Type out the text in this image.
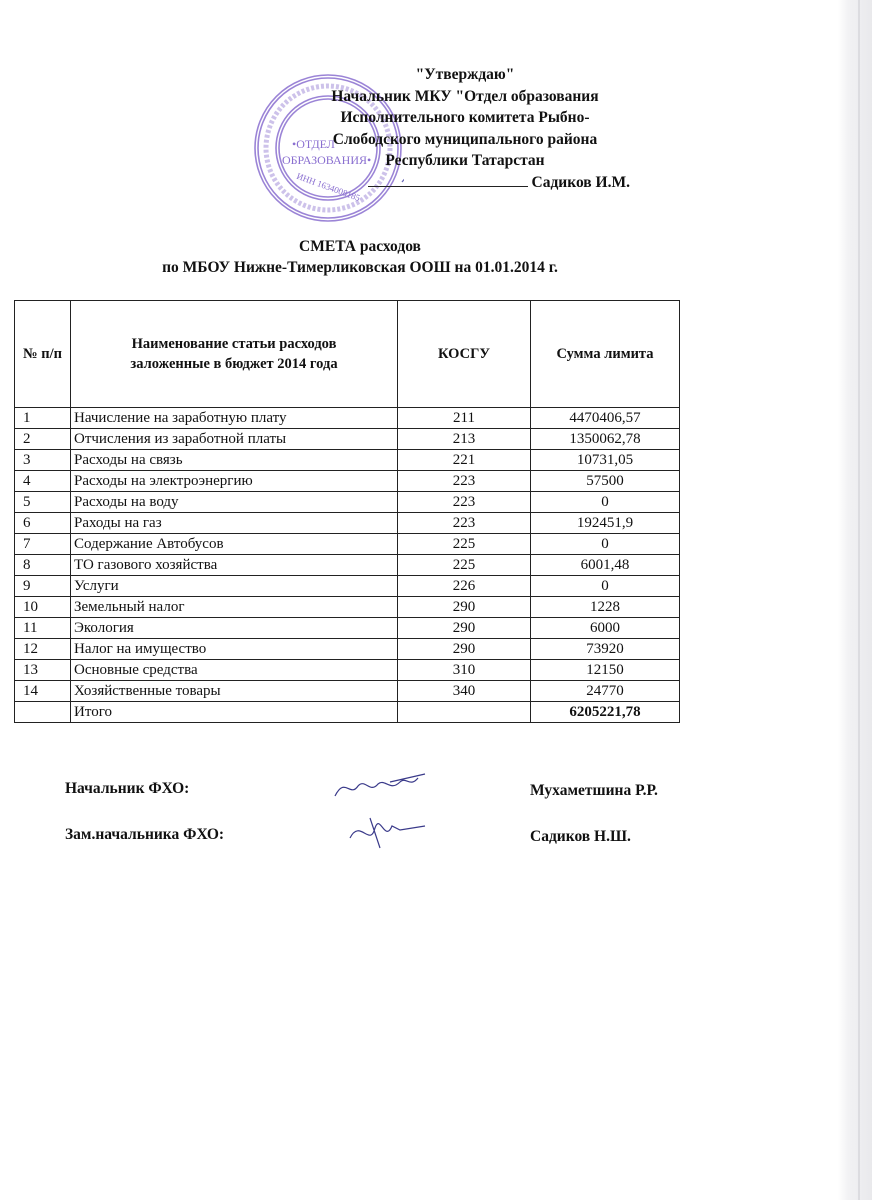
•ОТДЕЛ
ОБРАЗОВАНИЯ•
ИНН 1634008185
"Утверждаю"
Начальник МКУ "Отдел образования
Исполнительного комитета Рыбно-
Слободского муниципального района
Республики Татарстан
Садиков И.М.
СМЕТА расходов
по МБОУ Нижне-Тимерликовская ООШ на 01.01.2014 г.
№ п/п	Наименование статьи расходов заложенные в бюджет 2014 года	КОСГУ	Сумма лимита
1	Начисление на заработную плату	211	4470406,57
2	Отчисления из заработной платы	213	1350062,78
3	Расходы на связь	221	10731,05
4	Расходы на электроэнергию	223	57500
5	Расходы на воду	223	0
6	Раходы на газ	223	192451,9
7	Содержание Автобусов	225	0
8	ТО газового хозяйства	225	6001,48
9	Услуги	226	0
10	Земельный налог	290	1228
11	Экология	290	6000
12	Налог на имущество	290	73920
13	Основные средства	310	12150
14	Хозяйственные товары	340	24770
	Итого		6205221,78
Начальник ФХО:	Мухаметшина Р.Р.
Зам.начальника ФХО:	Садиков Н.Ш.
